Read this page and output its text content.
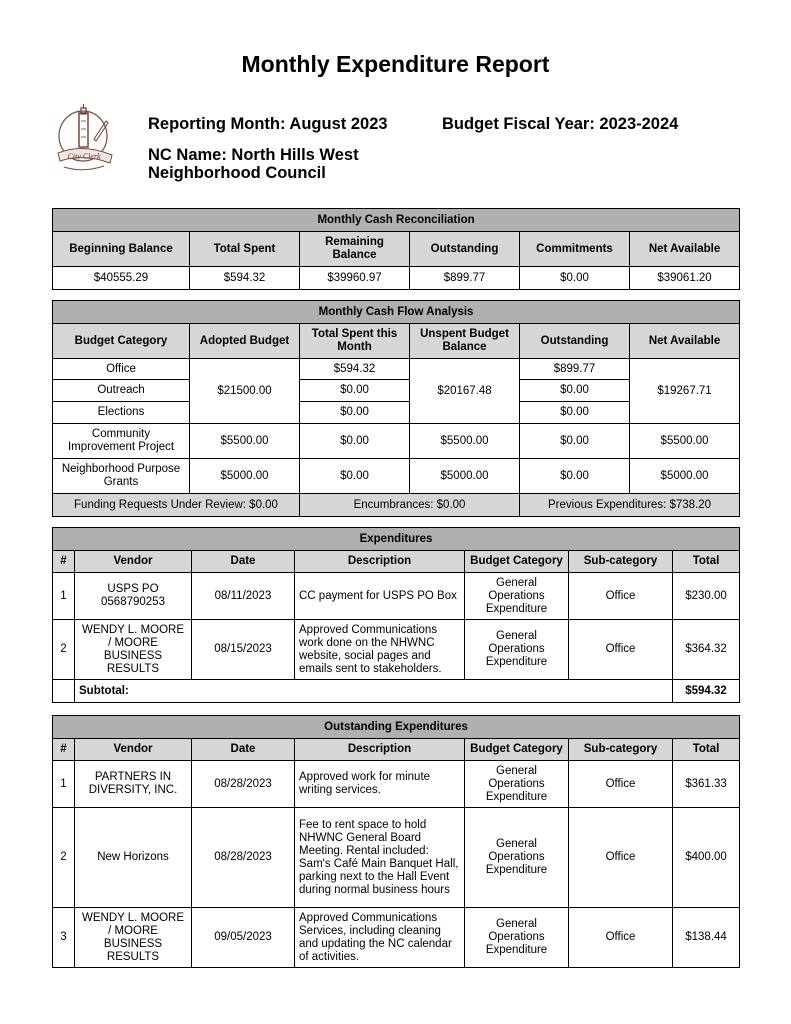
Monthly Expenditure Report
City Clerk
Reporting Month: August 2023	Budget Fiscal Year: 2023-2024
NC Name: North Hills West
Neighborhood Council
Monthly Cash Reconciliation					
Beginning Balance	Total Spent	Remaining Balance	Outstanding	Commitments	Net Available
$40555.29	$594.32	$39960.97	$899.77	$0.00	$39061.20
Monthly Cash Flow Analysis					
Budget Category	Adopted Budget	Total Spent this Month	Unspent Budget Balance	Outstanding	Net Available
Office	$21500.00	$594.32	$20167.48	$899.77	$19267.71
Outreach		$0.00		$0.00	
Elections		$0.00		$0.00	
Community Improvement Project	$5500.00	$0.00	$5500.00	$0.00	$5500.00
Neighborhood Purpose Grants	$5000.00	$0.00	$5000.00	$0.00	$5000.00
Funding Requests Under Review: $0.00		Encumbrances: $0.00		Previous Expenditures: $738.20	
Expenditures						
#	Vendor	Date	Description	Budget Category	Sub-category	Total
1	USPS PO 0568790253	08/11/2023	CC payment for USPS PO Box	General Operations Expenditure	Office	$230.00
2	WENDY L. MOORE / MOORE BUSINESS RESULTS	08/15/2023	Approved Communications work done on the NHWNC website, social pages and emails sent to stakeholders.	General Operations Expenditure	Office	$364.32
	Subtotal:					$594.32
Outstanding Expenditures						
#	Vendor	Date	Description	Budget Category	Sub-category	Total
1	PARTNERS IN DIVERSITY, INC.	08/28/2023	Approved work for minute writing services.	General Operations Expenditure	Office	$361.33
2	New Horizons	08/28/2023	Fee to rent space to hold NHWNC General Board Meeting. Rental included: Sam's Café Main Banquet Hall, parking next to the Hall Event during normal business hours	General Operations Expenditure	Office	$400.00
3	WENDY L. MOORE / MOORE BUSINESS RESULTS	09/05/2023	Approved Communications Services, including cleaning and updating the NC calendar of activities.	General Operations Expenditure	Office	$138.44
